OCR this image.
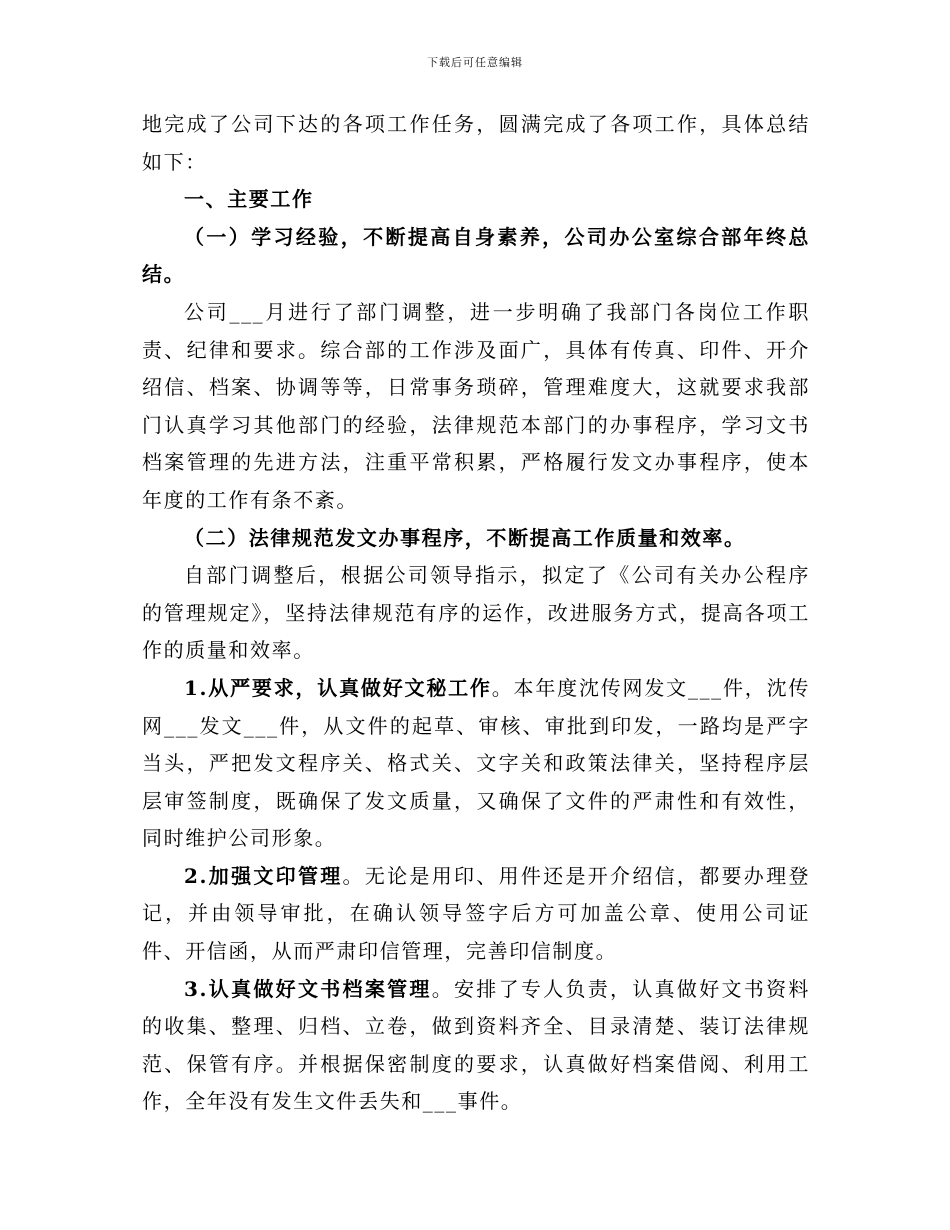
下载后可任意编辑

地完成了公司下达的各项工作任务，圆满完成了各项工作，具体总结如下：

一、主要工作

（一）学习经验，不断提高自身素养，公司办公室综合部年终总结。

公司___月进行了部门调整，进一步明确了我部门各岗位工作职责、纪律和要求。综合部的工作涉及面广，具体有传真、印件、开介绍信、档案、协调等等，日常事务琐碎，管理难度大，这就要求我部门认真学习其他部门的经验，法律规范本部门的办事程序，学习文书档案管理的先进方法，注重平常积累，严格履行发文办事程序，使本年度的工作有条不紊。

（二）法律规范发文办事程序，不断提高工作质量和效率。

自部门调整后，根据公司领导指示，拟定了《公司有关办公程序的管理规定》，坚持法律规范有序的运作，改进服务方式，提高各项工作的质量和效率。

1.从严要求，认真做好文秘工作。本年度沈传网发文___件，沈传网___发文___件，从文件的起草、审核、审批到印发，一路均是严字当头，严把发文程序关、格式关、文字关和政策法律关，坚持程序层层审签制度，既确保了发文质量，又确保了文件的严肃性和有效性，同时维护公司形象。

2.加强文印管理。无论是用印、用件还是开介绍信，都要办理登记，并由领导审批，在确认领导签字后方可加盖公章、使用公司证件、开信函，从而严肃印信管理，完善印信制度。

3.认真做好文书档案管理。安排了专人负责，认真做好文书资料的收集、整理、归档、立卷，做到资料齐全、目录清楚、装订法律规范、保管有序。并根据保密制度的要求，认真做好档案借阅、利用工作，全年没有发生文件丢失和___事件。
